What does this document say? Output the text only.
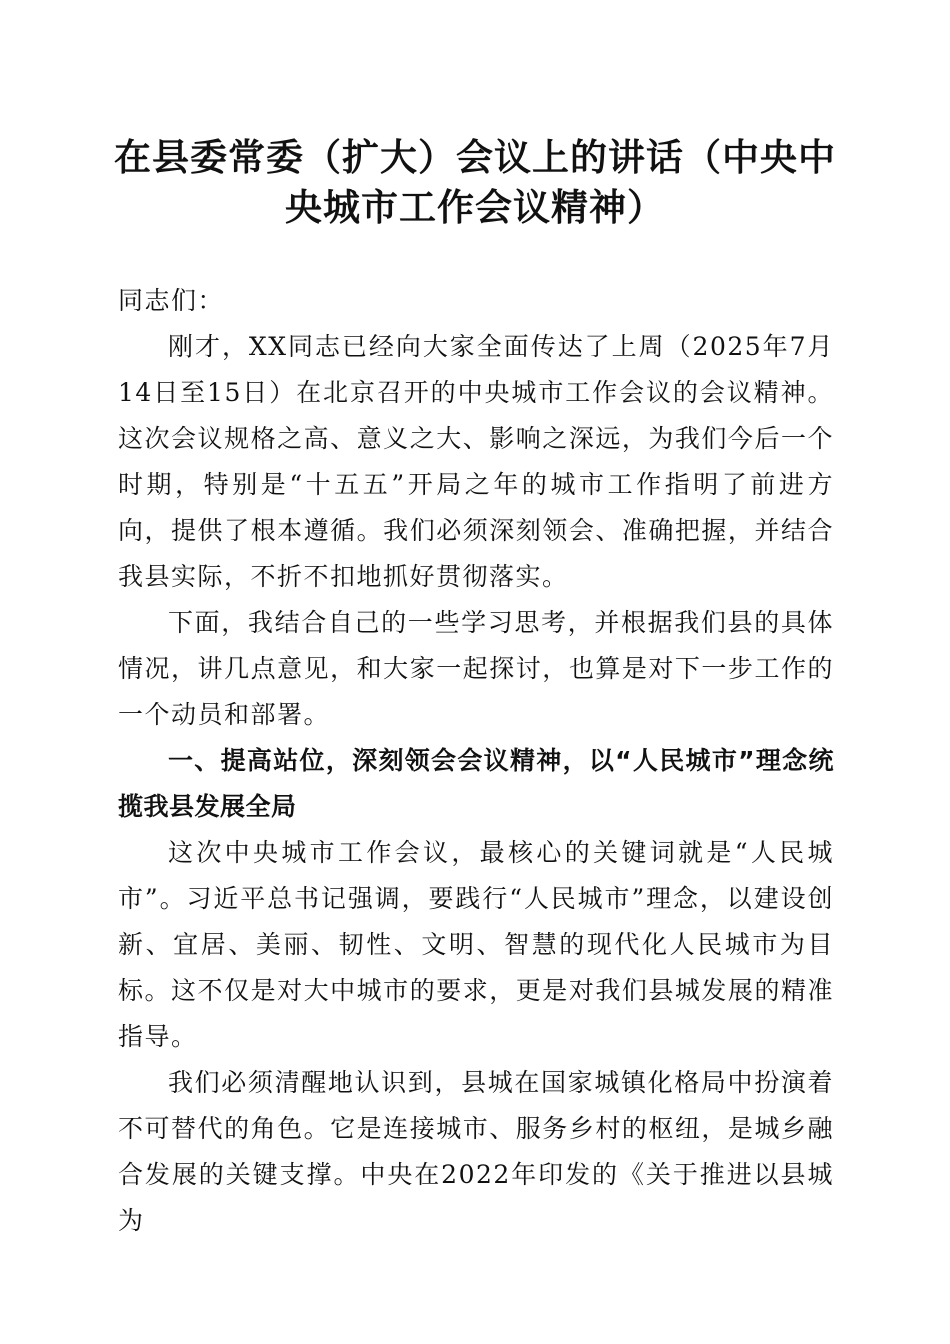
在县委常委（扩大）会议上的讲话（中央中央城市工作会议精神）

同志们：

刚才，XX同志已经向大家全面传达了上周（2025年7月14日至15日）在北京召开的中央城市工作会议的会议精神。这次会议规格之高、意义之大、影响之深远，为我们今后一个时期，特别是“十五五”开局之年的城市工作指明了前进方向，提供了根本遵循。我们必须深刻领会、准确把握，并结合我县实际，不折不扣地抓好贯彻落实。

下面，我结合自己的一些学习思考，并根据我们县的具体情况，讲几点意见，和大家一起探讨，也算是对下一步工作的一个动员和部署。

一、提高站位，深刻领会会议精神，以“人民城市”理念统揽我县发展全局

这次中央城市工作会议，最核心的关键词就是“人民城市”。习近平总书记强调，要践行“人民城市”理念，以建设创新、宜居、美丽、韧性、文明、智慧的现代化人民城市为目标。这不仅是对大中城市的要求，更是对我们县城发展的精准指导。

我们必须清醒地认识到，县城在国家城镇化格局中扮演着不可替代的角色。它是连接城市、服务乡村的枢纽，是城乡融合发展的关键支撑。中央在2022年印发的《关于推进以县城为
